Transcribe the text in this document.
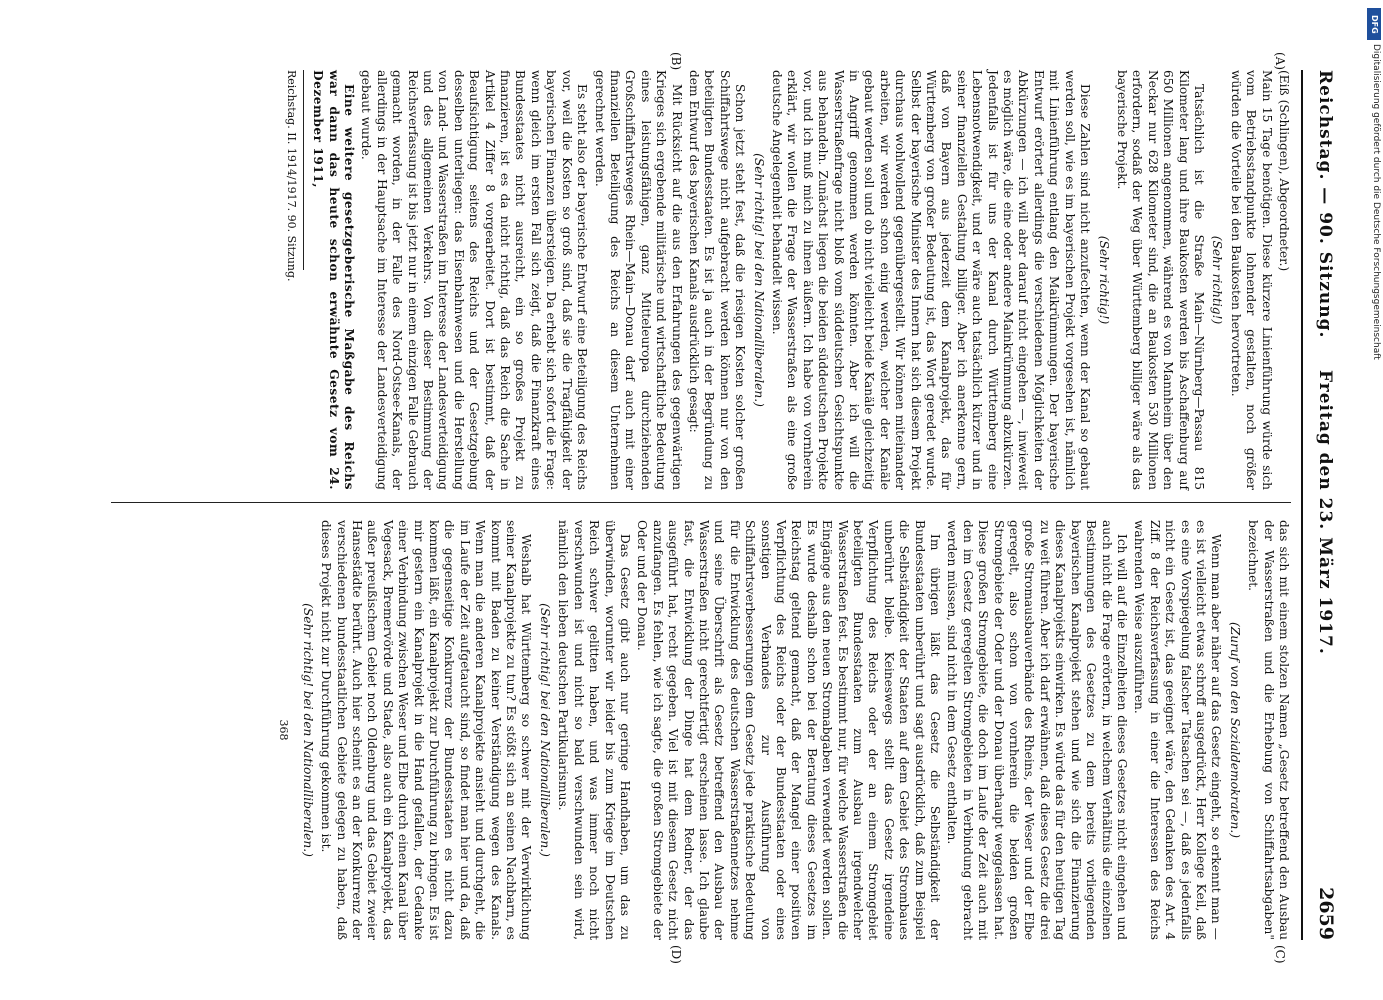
Reichstag. — 90. Sitzung.
Freitag den 23. März 1917.
2659
(A)
(B)
(C)
(D)

(Eiß (Schlingen), Abgeordneter.)

Main 15 Tage benötigen. Diese kürzere Linienführung würde sich vom Betriebsstandpunkte lohnender gestalten, noch größer würden die Vorteile bei den Baukosten hervortreten.

(Sehr richtig!)

Tatsächlich ist die Straße Main—Nürnberg—Passau 815 Kilometer lang und ihre Baukosten werden bis Aschaffenburg auf 650 Millionen angenommen, während es von Mannheim über den Neckar nur 628 Kilometer sind, die an Baukosten 530 Millionen erfordern, sodaß der Weg über Württemberg billiger wäre als das bayerische Projekt.

(Sehr richtig!)

Diese Zahlen sind nicht anzufechten, wenn der Kanal so gebaut werden soll, wie es im bayerischen Projekt vorgesehen ist, nämlich mit Linienführung entlang den Maikrümmungen. Der bayerische Entwurf erörtert allerdings die verschiedenen Möglichkeiten der Abkürzungen — ich will aber darauf nicht eingehen —, inwieweit es möglich wäre, die eine oder andere Mainkrümmung abzukürzen. Jedenfalls ist für uns der Kanal durch Württemberg eine Lebensnotwendigkeit, und er wäre auch tatsächlich kürzer und in seiner finanziellen Gestaltung billiger. Aber ich anerkenne gern, daß von Bayern aus jederzeit dem Kanalprojekt, das für Württemberg von großer Bedeutung ist, das Wort geredet wurde. Selbst der bayerische Minister des Innern hat sich diesem Projekt durchaus wohlwollend gegenübergestellt. Wir können miteinander arbeiten, wir werden schon einig werden, welcher der Kanäle gebaut werden soll und ob nicht vielleicht beide Kanäle gleichzeitig in Angriff genommen werden könnten. Aber ich will die Wasserstraßenfrage nicht bloß vom süddeutschen Gesichtspunkte aus behandeln. Zunächst liegen die beiden süddeutschen Projekte vor, und ich muß mich zu ihnen äußern. Ich habe von vornherein erklärt, wir wollen die Frage der Wasserstraßen als eine große deutsche Angelegenheit behandelt wissen.

(Sehr richtig! bei den Nationalliberalen.)

Schon jetzt steht fest, daß die riesigen Kosten solcher großen Schiffahrtswege nicht aufgebracht werden können nur von den beteiligten Bundesstaaten. Es ist ja auch in der Begründung zu dem Entwurf des bayerischen Kanals ausdrücklich gesagt:

Mit Rücksicht auf die aus den Erfahrungen des gegenwärtigen Krieges sich ergebende militärische und wirtschaftliche Bedeutung eines leistungsfähigen, ganz Mitteleuropa durchziehenden Großschiffahrtsweges Rhein—Main—Donau darf auch mit einer finanziellen Beteiligung des Reichs an diesem Unternehmen gerechnet werden.

Es steht also der bayerische Entwurf eine Beteiligung des Reichs vor, weil die Kosten so groß sind, daß sie die Tragfähigkeit der bayerischen Finanzen übersteigen. Da erhebt sich sofort die Frage: wenn gleich im ersten Fall sich zeigt, daß die Finanzkraft eines Bundesstaates nicht ausreicht, ein so großes Projekt zu finanzieren, ist es da nicht richtig, daß das Reich die Sache in Artikel 4 Ziffer 8 vorgearbeitet. Dort ist bestimmt, daß der Beaufsichtigung seitens des Reichs und der Gesetzgebung desselben unterliegen: das Eisenbahnwesen und die Herstellung von Land- und Wasserstraßen im Interesse der Landesverteidigung und des allgemeinen Verkehrs. Von dieser Bestimmung der Reichsverfassung ist bis jetzt nur in einem einzigen Falle Gebrauch gemacht worden, in der Falle des Nord-Ostsee-Kanals, der allerdings in der Hauptsache im Interesse der Landesverteidigung gebaut wurde.

Eine weitere gesetzgeberische Maßgabe des Reichs war dann das heute schon erwähnte Gesetz vom 24. Dezember 1911,

Reichstag. II. 1914/1917. 90. Sitzung.

das sich mit einem stolzen Namen „Gesetz betreffend den Ausbau der Wasserstraßen und die Erhebung von Schiffahrtsabgaben" bezeichnet.

(Zuruf von den Sozialdemokraten.)

Wenn man aber näher auf das Gesetz eingeht, so erkennt man — es ist vielleicht etwas schroff ausgedrückt, Herr Kollege Keil, daß es eine Vorspiegelung falscher Tatsachen sei —, daß es jedenfalls nicht ein Gesetz ist, das geeignet wäre, den Gedanken des Art. 4 Ziff. 8 der Reichsverfassung in einer die Interessen des Reichs wahrenden Weise auszuführen.

Ich will auf die Einzelheiten dieses Gesetzes nicht eingehen und auch nicht die Frage erörtern, in welchem Verhältnis die einzelnen Bestimmungen des Gesetzes zu dem bereits vorliegenden bayerischen Kanalprojekt stehen und wie sich die Finanzierung dieses Kanalprojekts einwirken. Es würde das für den heutigen Tag zu weit führen. Aber ich darf erwähnen, daß dieses Gesetz die drei große Stromausbauverbände des Rheins, der Weser und der Elbe geregelt, also schon von vornherein die beiden großen Stromgebiete der Oder und der Donau überhaupt weggelassen hat. Diese großen Stromgebiete, die doch im Laufe der Zeit auch mit den im Gesetz geregelten Stromgebieten in Verbindung gebracht werden müssen, sind nicht in dem Gesetz enthalten.

Im übrigen läßt das Gesetz die Selbständigkeit der Bundesstaaten unberührt und sagt ausdrücklich, daß zum Beispiel die Selbständigkeit der Staaten auf dem Gebiet des Strombaues unberührt bleibe. Keineswegs stellt das Gesetz irgendeine Verpflichtung des Reichs oder der an einem Stromgebiet beteiligten Bundesstaaten zum Ausbau irgendwelcher Wasserstraßen fest. Es bestimmt nur, für welche Wasserstraßen die Eingänge aus den neuen Stromabgaben verwendet werden sollen. Es wurde deshalb schon bei der Beratung dieses Gesetzes im Reichstag geltend gemacht, daß der Mangel einer positiven Verpflichtung des Reichs oder der Bundesstaaten oder eines sonstigen Verbandes zur Ausführung von Schiffahrtsverbesserungen dem Gesetz jede praktische Bedeutung für die Entwicklung des deutschen Wasserstraßennetzes nehme und seine Überschrift als Gesetz betreffend den Ausbau der Wasserstraßen nicht gerechtfertigt erscheinen lasse. Ich glaube fast, die Entwicklung der Dinge hat dem Redner, der das ausgeführt hat, recht gegeben. Viel ist mit diesem Gesetz nicht anzufangen. Es fehlen, wie ich sagte, die großen Stromgebiete der Oder und der Donau.

Das Gesetz gibt auch nur geringe Handhaben, um das zu überwinden, worunter wir leider bis zum Kriege im Deutschen Reich schwer gelitten haben, und was immer noch nicht verschwunden ist und nicht so bald verschwunden sein wird, nämlich den lieben deutschen Partikularismus.

(Sehr richtig! bei den Nationalliberalen.)

Weshalb hat Württemberg so schwer mit der Verwirklichung seiner Kanalprojekte zu tun? Es stößt sich an seinen Nachbarn, es kommt mit Baden zu keiner Verständigung wegen des Kanals. Wenn man die anderen Kanalprojekte ansieht und durchgeht, die im Laufe der Zeit aufgetaucht sind, so findet man hier und da, daß die gegenseitige Konkurrenz der Bundesstaaten es nicht dazu kommen läßt, ein Kanalprojekt zur Durchführung zu bringen. Es ist mir gestern ein Kanalprojekt in die Hand gefallen, der Gedanke einer Verbindung zwischen Weser und Elbe durch einen Kanal über Vegesack, Bremervörde und Stade, also auch ein Kanalprojekt, das außer preußischem Gebiet noch Oldenburg und das Gebiet zweier Hansestädte berührt. Auch hier scheint es an der Konkurrenz der verschiedenen bundesstaatlichen Gebiete gelegen zu haben, daß dieses Projekt nicht zur Durchführung gekommen ist.

(Sehr richtig! bei den Nationalliberalen.)

368

DFG
Digitalisierung gefördert durch die Deutsche Forschungsgemeinschaft
